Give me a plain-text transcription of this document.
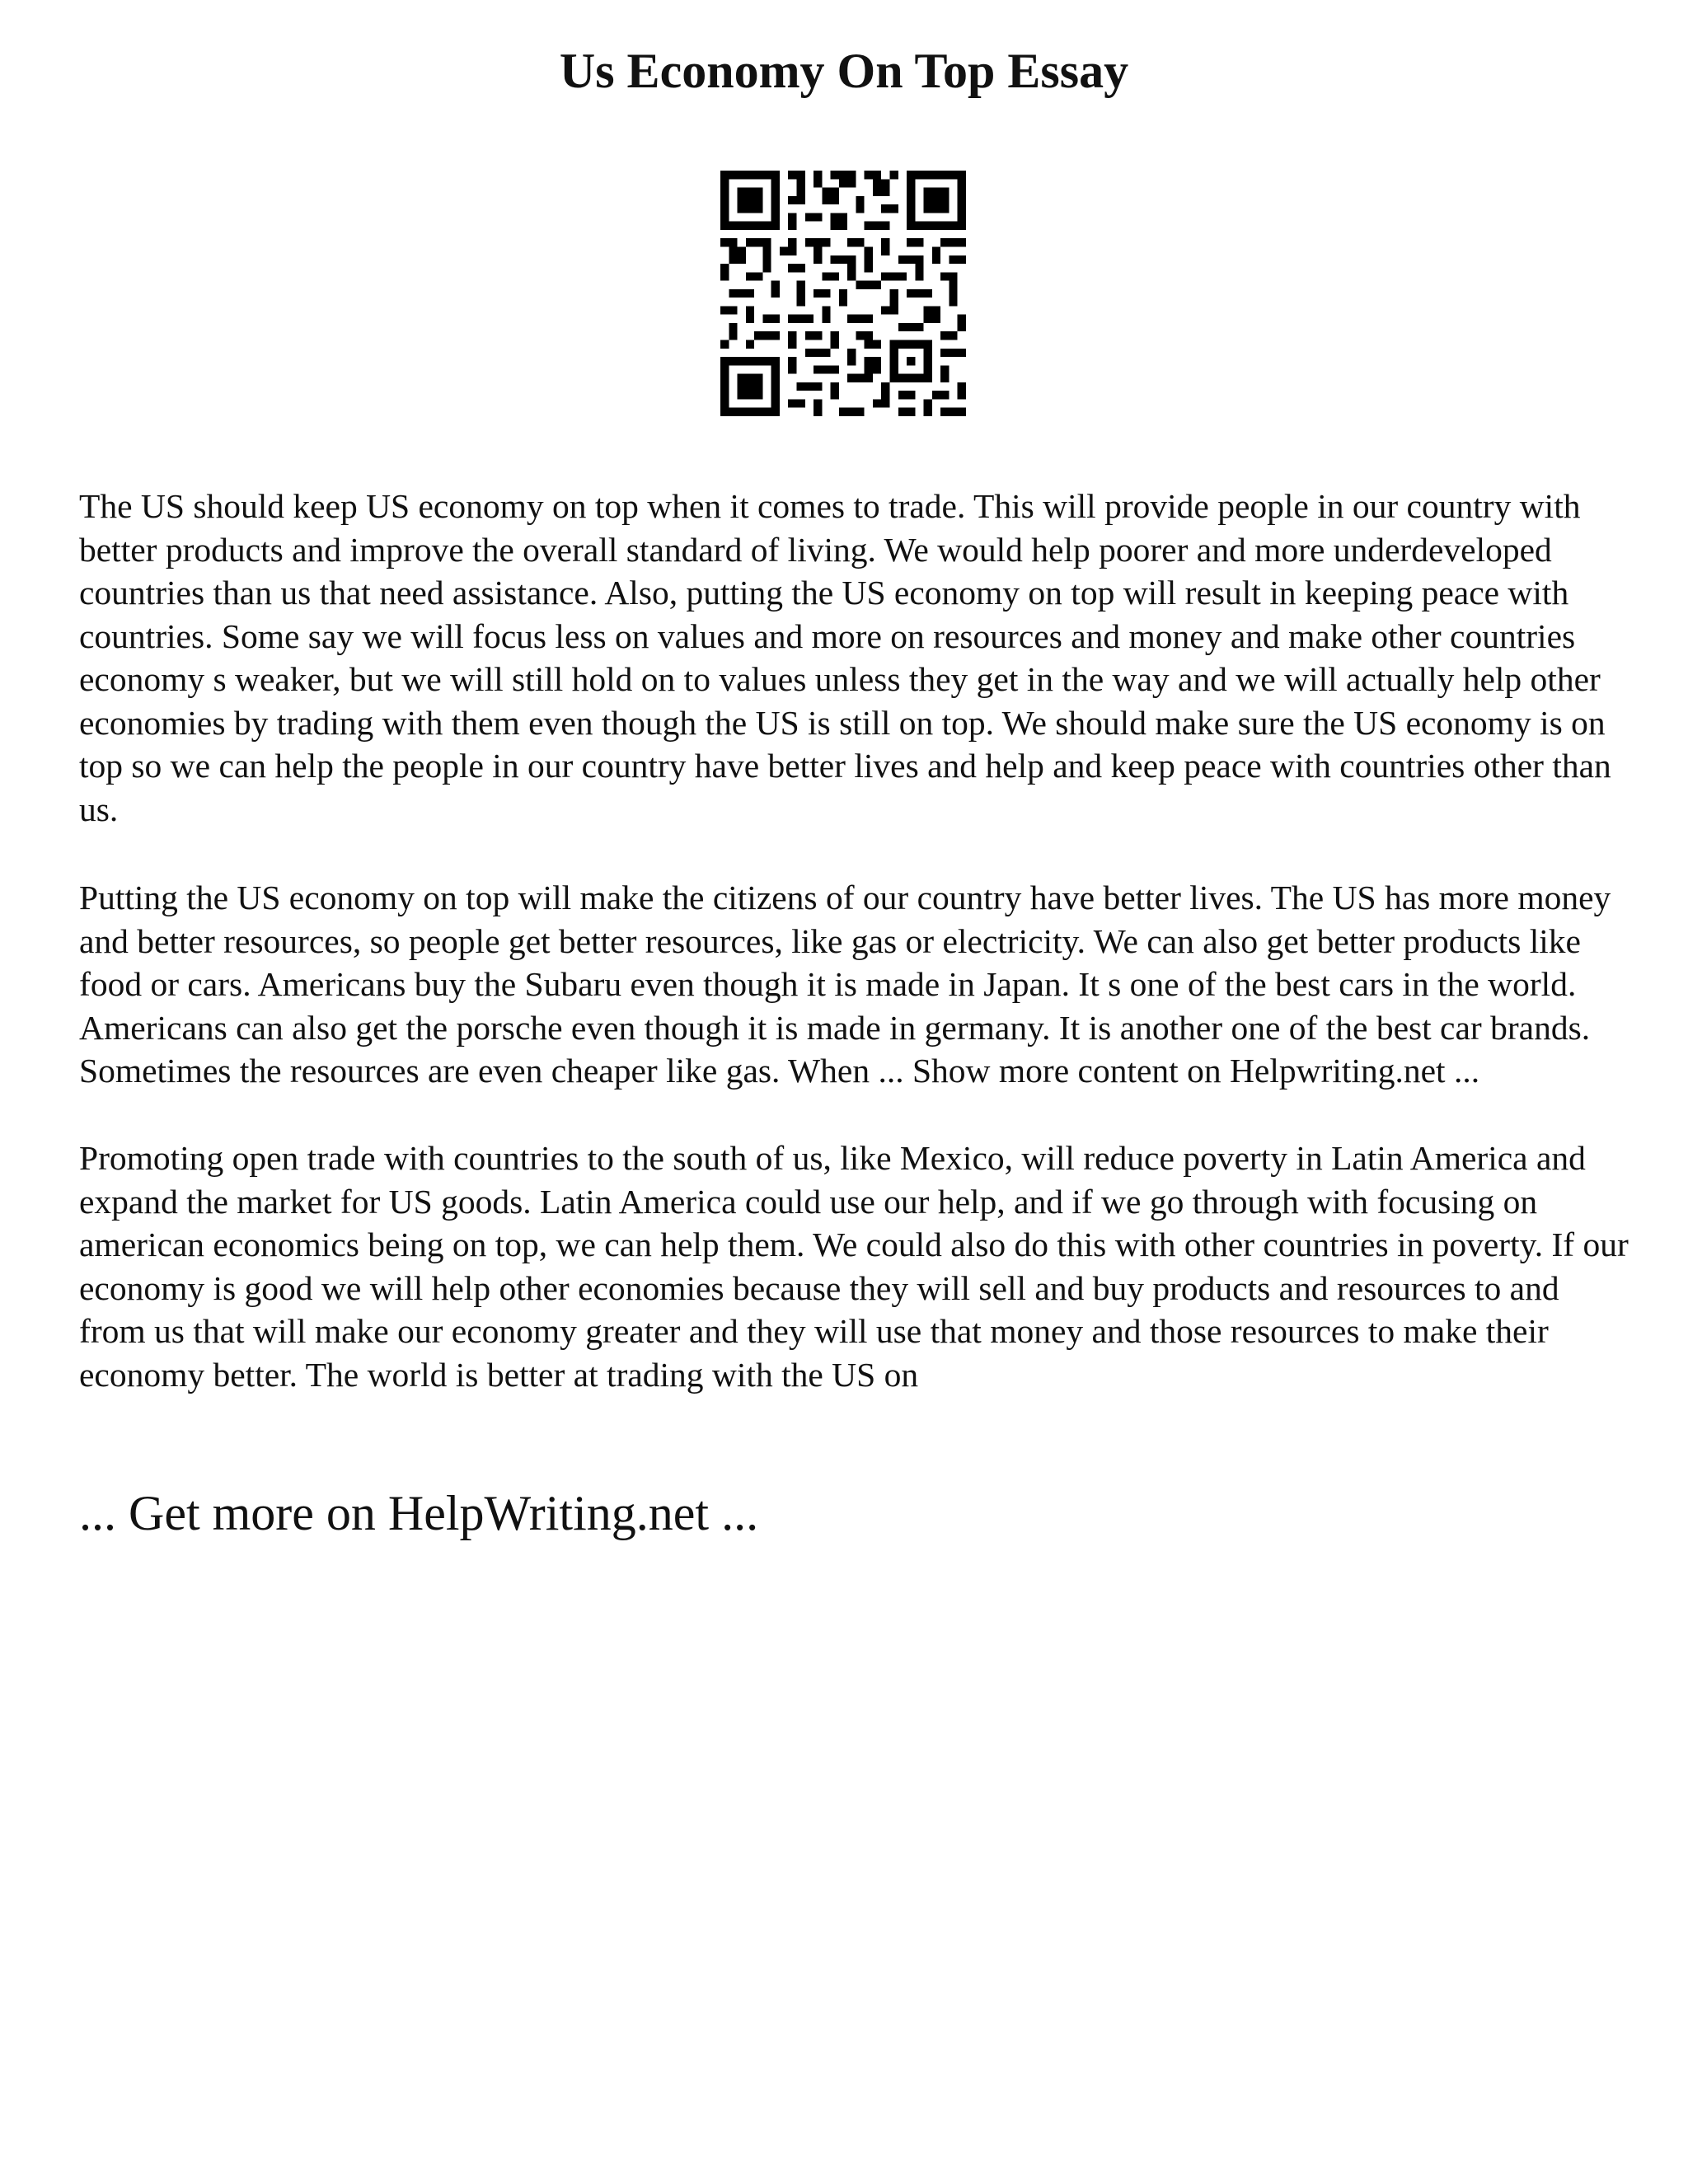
Us Economy On Top Essay

The US should keep US economy on top when it comes to trade. This will provide people in our country with better products and improve the overall standard of living. We would help poorer and more underdeveloped countries than us that need assistance. Also, putting the US economy on top will result in keeping peace with countries. Some say we will focus less on values and more on resources and money and make other countries economy s weaker, but we will still hold on to values unless they get in the way and we will actually help other economies by trading with them even though the US is still on top. We should make sure the US economy is on top so we can help the people in our country have better lives and help and keep peace with countries other than us.

Putting the US economy on top will make the citizens of our country have better lives. The US has more money and better resources, so people get better resources, like gas or electricity. We can also get better products like food or cars. Americans buy the Subaru even though it is made in Japan. It s one of the best cars in the world. Americans can also get the porsche even though it is made in germany. It is another one of the best car brands. Sometimes the resources are even cheaper like gas. When ... Show more content on Helpwriting.net ...

Promoting open trade with countries to the south of us, like Mexico, will reduce poverty in Latin America and expand the market for US goods. Latin America could use our help, and if we go through with focusing on american economics being on top, we can help them. We could also do this with other countries in poverty. If our economy is good we will help other economies because they will sell and buy products and resources to and from us that will make our economy greater and they will use that money and those resources to make their economy better. The world is better at trading with the US on

... Get more on HelpWriting.net ...
